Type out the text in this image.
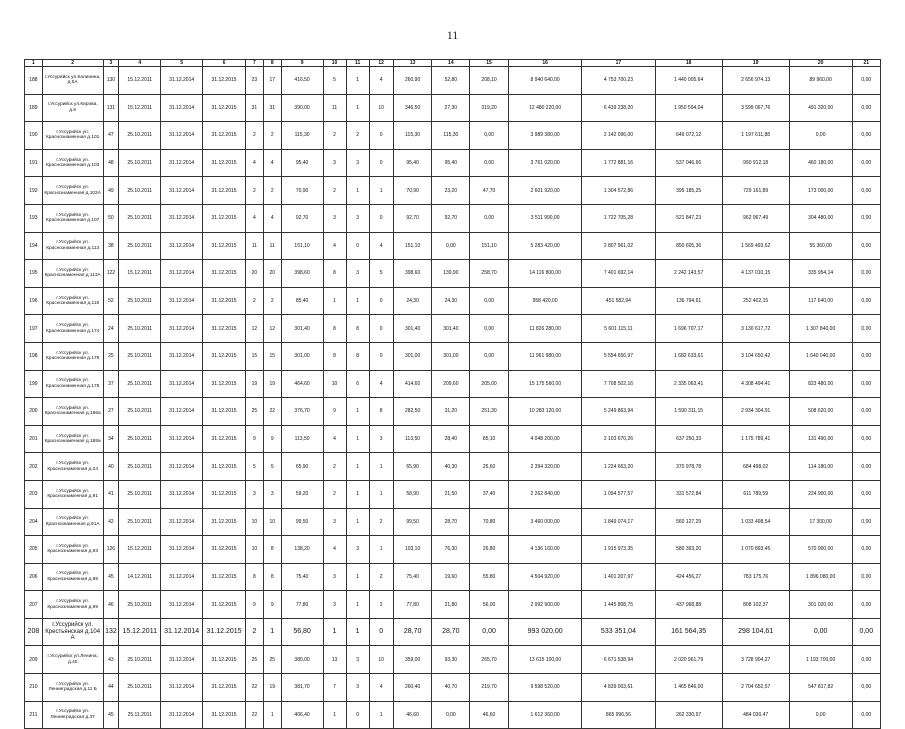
11
1	2	3	4	5	6	7	8	9	10	11	12	13	14	15	16	17	18	19	20	21
188	г.Уссурийск ул.Калинина, д.5А	130	15.12.2011	31.12.2014	31.12.2015	23	17	416,50	5	1	4	260,90	52,80	208,10	8 940 640,00	4 753 700,23	1 440 005,64	2 656 974,13	89 960,00	0,00
189	г.Уссурийск ул.Кирова, д.6	131	15.12.2011	31.12.2014	31.12.2015	31	31	390,00	11	1	10	346,50	27,30	319,20	12 480 220,00	6 439 238,20	1 950 594,04	3 599 067,76	491 320,00	0,00
190	г.Уссурийск ул. Краснознаменная д.101	47	25.10.2011	31.12.2014	31.12.2015	2	2	115,30	2	2	0	115,30	115,30	0,00	3 989 380,00	2 142 096,00	649 072,12	1 197 611,88	0,00	0,00
191	г.Уссурийск ул. Краснознаменная д.103	48	25.10.2011	31.12.2014	31.12.2015	4	4	95,40	3	3	0	95,40	95,40	0,00	3 761 020,00	1 772 881,16	537 046,66	990 912,18	460 180,00	0,00
192	г.Уссурийск ул. Краснознаменная д.103А	49	25.10.2011	31.12.2014	31.12.2015	2	2	70,90	2	1	1	70,90	23,20	47,70	2 601 920,00	1 304 572,86	395 185,25	729 161,89	173 000,00	0,00
193	г.Уссурийск ул. Краснознаменная д.107	50	25.10.2011	31.12.2014	31.12.2015	4	4	92,70	3	3	0	92,70	92,70	0,00	3 511 990,00	1 722 705,28	521 847,23	962 967,49	304 480,00	0,00
194	г.Уссурийск ул. Краснознаменная д.113	38	25.10.2011	31.12.2014	31.12.2015	11	11	151,10	4	0	4	151,10	0,00	151,10	5 283 420,00	2 807 961,02	850 605,36	1 569 493,62	55 360,00	0,00
195	г.Уссурийск ул. Краснознаменная д.113А	122	15.12.2011	31.12.2014	31.12.2015	20	20	398,60	8	3	5	398,60	139,90	258,70	14 116 800,00	7 401 692,14	2 242 143,57	4 137 010,15	335 954,14	0,00
196	г.Уссурийск ул. Краснознаменная д.118	52	25.10.2011	31.12.2014	31.12.2015	2	2	85,40	1	1	0	24,30	24,30	0,00	958 420,00	451 582,94	136 794,61	252 402,15	117 640,00	0,00
197	г.Уссурийск ул. Краснознаменная д.174	24	25.10.2011	31.12.2014	31.12.2015	12	12	301,40	8	8	0	301,40	301,40	0,00	11 826 280,00	5 601 115,11	1 696 707,17	3 130 617,72	1 307 840,00	0,00
198	г.Уссурийск ул. Краснознаменная д.176	25	25.10.2011	31.12.2014	31.12.2015	15	15	301,00	8	8	0	301,00	301,00	0,00	11 961 980,00	5 554 656,97	1 682 633,61	3 104 650,42	1 640 040,00	0,00
199	г.Уссурийск ул. Краснознаменная д.178	37	25.10.2011	31.12.2014	31.12.2015	19	19	464,60	10	6	4	414,60	209,60	205,00	15 175 560,00	7 708 502,16	2 335 063,41	4 308 494,41	823 480,00	0,00
200	г.Уссурийск ул. Краснознаменная д.186а	27	25.10.2011	31.12.2014	31.12.2015	25	22	376,70	9	1	8	282,50	31,20	251,30	10 283 120,00	5 249 863,94	1 590 311,15	2 934 304,91	508 620,00	0,00
201	г.Уссурийск ул. Краснознаменная д.188а	34	25.10.2011	31.12.2014	31.12.2015	9	9	113,50	4	1	3	113,50	28,40	85,10	4 048 200,00	2 103 670,26	637 250,33	1 175 789,41	131 490,00	0,00
202	г.Уссурийск ул. Краснознаменная д.24	40	25.10.2011	31.12.2014	31.12.2015	5	5	65,90	2	1	1	65,90	40,30	25,60	2 394 320,00	1 224 663,20	370 978,78	684 498,02	114 180,00	0,00
203	г.Уссурийск ул. Краснознаменная д.91	41	25.10.2011	31.12.2014	31.12.2015	3	3	59,20	2	1	1	58,90	21,50	37,40	2 262 840,00	1 094 577,57	331 572,84	611 789,59	224 900,00	0,00
204	г.Уссурийск ул. Краснознаменная д.91А	42	25.10.2011	31.12.2014	31.12.2015	10	10	99,50	3	1	2	99,50	28,70	70,80	3 460 000,00	1 849 074,17	560 127,29	1 033 498,54	17 300,00	0,00
205	г.Уссурийск ул. Краснознаменная д.93	126	15.12.2011	31.12.2014	31.12.2015	10	8	138,20	4	3	1	103,10	76,30	26,80	4 136 160,00	1 915 973,35	580 393,20	1 070 893,45	570 900,00	0,00
206	г.Уссурийск ул. Краснознаменная д.95	45	14.12.2011	31.12.2014	31.12.2015	8	8	75,40	3	1	2	75,40	19,60	55,80	4 504 920,00	1 401 207,97	424 456,27	783 175,76	1 896 080,00	0,00
207	г.Уссурийск ул. Краснознаменная д.99	46	25.10.2011	31.12.2014	31.12.2015	9	9	77,80	3	1	2	77,80	21,80	56,00	2 992 900,00	1 445 808,75	437 968,88	808 102,37	301 020,00	0,00
208	г.Уссурийск ул. Крестьянская д.104 А	132	15.12.2011	31.12.2014	31.12.2015	2	1	56,80	1	1	0	28,70	28,70	0,00	993 020,00	533 351,04	161 564,35	298 104,61	0,00	0,00
209	г.Уссурийск ул.Ленина, д.40	43	25.10.2011	31.12.2014	31.12.2015	25	25	380,00	13	3	10	359,00	93,30	265,70	13 615 100,00	6 671 538,94	2 020 961,79	3 728 904,27	1 193 700,00	0,00
210	г.Уссурийск ул. Ленинградская д.11 Б	44	25.10.2011	31.12.2014	31.12.2015	22	19	381,70	7	3	4	260,40	40,70	219,70	9 598 520,00	4 839 003,61	1 465 846,00	2 704 652,57	547 817,82	0,00
211	г.Уссурийск ул. Ленинградская д.37	45	25.11.2011	31.12.2014	31.12.2015	22	1	406,40	1	0	1	46,60	0,00	46,60	1 612 360,00	865 996,56	262 330,97	484 030,47	0,00	0,00
